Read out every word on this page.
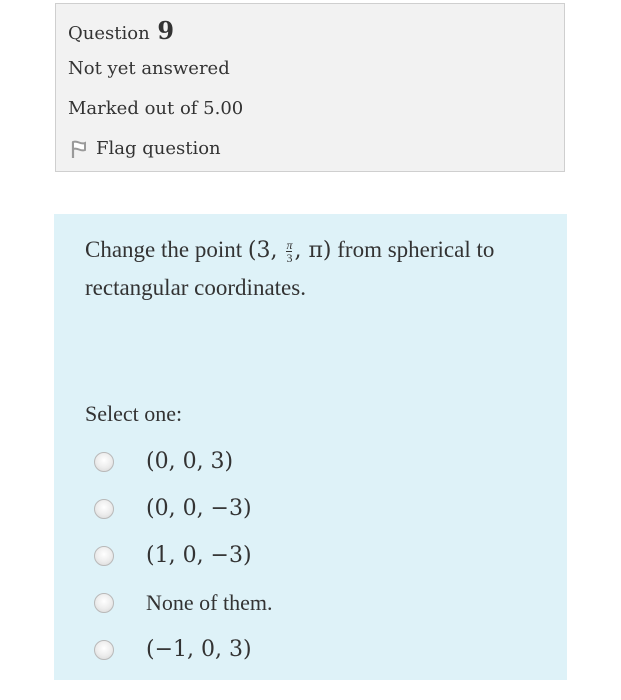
Question 9
Not yet answered
Marked out of 5.00
Flag question
Change the point (3, $\frac{\pi}{3}$ , π) from spherical to rectangular coordinates.
Select one:
(0, 0, 3)
(0, 0, −3)
(1, 0, −3)
None of them.
(−1, 0, 3)
